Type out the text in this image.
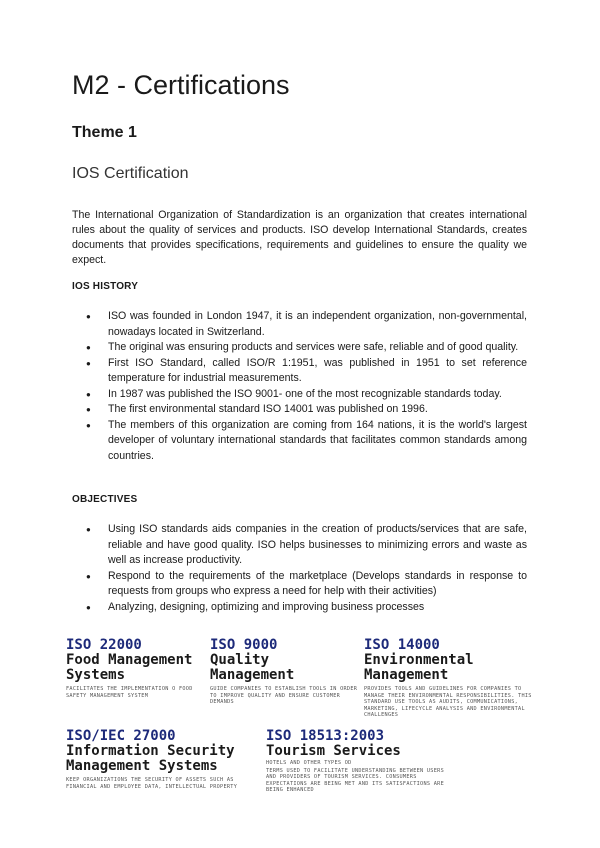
M2 - Certifications
Theme 1
IOS Certification

The International Organization of Standardization is an organization that creates international rules about the quality of services and products. ISO develop International Standards, creates documents that provides specifications, requirements and guidelines to ensure the quality we expect.

IOS HISTORY
● ISO was founded in London 1947, it is an independent organization, non-governmental, nowadays located in Switzerland.
● The original was ensuring products and services were safe, reliable and of good quality.
● First ISO Standard, called ISO/R 1:1951, was published in 1951 to set reference temperature for industrial measurements.
● In 1987 was published the ISO 9001- one of the most recognizable standards today.
● The first environmental standard ISO 14001 was published on 1996.
● The members of this organization are coming from 164 nations, it is the world's largest developer of voluntary international standards that facilitates common standards among countries.
OBJECTIVES
● Using ISO standards aids companies in the creation of products/services that are safe, reliable and have good quality. ISO helps businesses to minimizing errors and waste as well as increase productivity.
● Respond to the requirements of the marketplace (Develops standards in response to requests from groups who express a need for help with their activities)
● Analyzing, designing, optimizing and improving business processes
ISO 22000
Food Management
Systems
FACILITATES THE IMPLEMENTATION O FOOD SAFETY MANAGEMENT SYSTEM
ISO 9000
Quality
Management
GUIDE COMPANIES TO ESTABLISH TOOLS IN ORDER TO IMPROVE QUALITY AND ENSURE CUSTOMER DEMANDS
ISO 14000
Environmental
Management
PROVIDES TOOLS AND GUIDELINES FOR COMPANIES TO MANAGE THEIR ENVIRONMENTAL RESPONSIBILITIES. THIS STANDARD USE TOOLS AS AUDITS, COMMUNICATIONS, MARKETING, LIFECYCLE ANALYSIS AND ENVIRONMENTAL CHALLENGES
ISO/IEC 27000
Information Security
Management Systems
KEEP ORGANIZATIONS THE SECURITY OF ASSETS SUCH AS FINANCIAL AND EMPLOYEE DATA, INTELLECTUAL PROPERTY
ISO 18513:2003
Tourism Services
HOTELS AND OTHER TYPES OD
TERMS USED TO FACILITATE UNDERSTANDING BETWEEN USERS AND PROVIDERS OF TOURISM SERVICES. CONSUMERS EXPECTATIONS ARE BEING MET AND ITS SATISFACTIONS ARE BEING ENHANCED
